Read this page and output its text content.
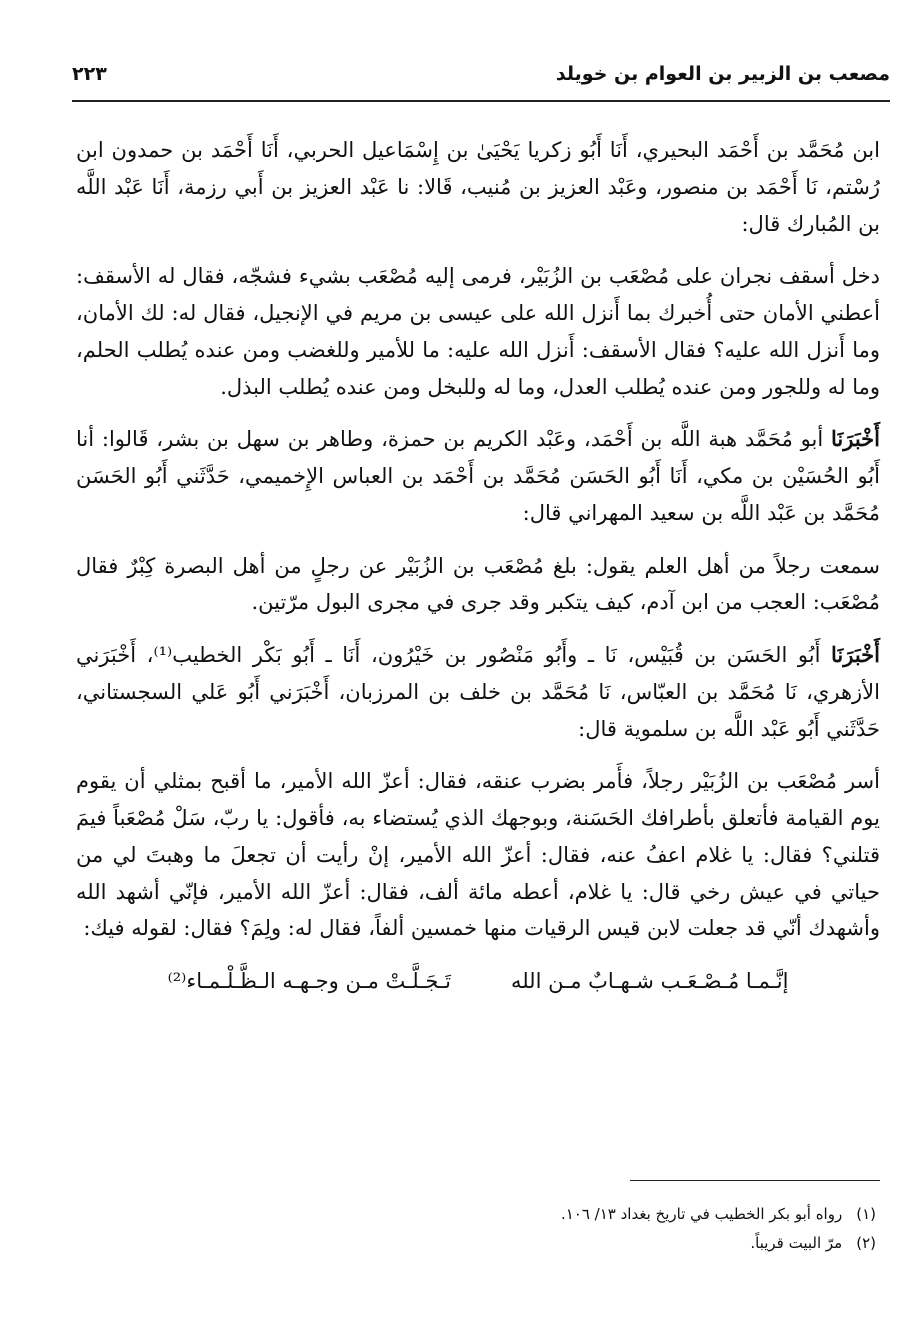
مصعب بن الزبير بن العوام بن خويلد
٢٢٣

ابن مُحَمَّد بن أَحْمَد البحيري، أَنَا أَبُو زكريا يَحْيَىٰ بن إِسْمَاعيل الحربي، أَنَا أَحْمَد بن حمدون ابن رُسْتم، نَا أَحْمَد بن منصور، وعَبْد العزيز بن مُنيب، قَالا: نا عَبْد العزيز بن أَبي رزمة، أَنَا عَبْد اللَّه بن المُبارك قال:

دخل أسقف نجران على مُصْعَب بن الزُبَيْر، فرمى إليه مُصْعَب بشيء فشجّه، فقال له الأسقف: أعطني الأمان حتى أُخبرك بما أَنزل الله على عيسى بن مريم في الإنجيل، فقال له: لك الأمان، وما أَنزل الله عليه؟ فقال الأسقف: أَنزل الله عليه: ما للأمير وللغضب ومن عنده يُطلب الحلم، وما له وللجور ومن عنده يُطلب العدل، وما له وللبخل ومن عنده يُطلب البذل.

أَخْبَرَنَا أبو مُحَمَّد هبة اللَّه بن أَحْمَد، وعَبْد الكريم بن حمزة، وطاهر بن سهل بن بشر، قَالوا: أنا أَبُو الحُسَيْن بن مكي، أَنَا أَبُو الحَسَن مُحَمَّد بن أَحْمَد بن العباس الإِخميمي، حَدَّثَني أَبُو الحَسَن مُحَمَّد بن عَبْد اللَّه بن سعيد المهراني قال:

سمعت رجلاً من أهل العلم يقول: بلغ مُصْعَب بن الزُبَيْر عن رجلٍ من أهل البصرة كِبْرٌ فقال مُصْعَب: العجب من ابن آدم، كيف يتكبر وقد جرى في مجرى البول مرّتين.

أَخْبَرَنَا أَبُو الحَسَن بن قُبَيْس، نَا ـ وأَبُو مَنْصُور بن خَيْرُون، أَنَا ـ أَبُو بَكْر الخطيب⁽¹⁾، أَخْبَرَني الأزهري، نَا مُحَمَّد بن العبّاس، نَا مُحَمَّد بن خلف بن المرزبان، أَخْبَرَني أَبُو عَلي السجستاني، حَدَّثَني أَبُو عَبْد اللَّه بن سلموية قال:

أسر مُصْعَب بن الزُبَيْر رجلاً، فأَمر بضرب عنقه، فقال: أعزّ الله الأمير، ما أقبح بمثلي أن يقوم يوم القيامة فأتعلق بأطرافك الحَسَنة، وبوجهك الذي يُستضاء به، فأقول: يا ربّ، سَلْ مُصْعَباً فيمَ قتلني؟ فقال: يا غلام اعفُ عنه، فقال: أعزّ الله الأمير، إنْ رأيت أن تجعلَ ما وهبتَ لي من حياتي في عيش رخي قال: يا غلام، أعطه مائة ألف، فقال: أعزّ الله الأمير، فإنّي أشهد الله وأشهدك أنّي قد جعلت لابن قيس الرقيات منها خمسين ألفاً، فقال له: ولِمَ؟ فقال: لقوله فيك:

إنَّـمـا مُـصْـعَـب شـهـابٌ مـن الله
تَـجَـلَّـتْ مـن وجـهـه الـظَّـلْـمـاء⁽²⁾
(١)
رواه أبو بكر الخطيب في تاريخ بغداد ١٣/ ١٠٦.
(٢)
مرّ البيت قريباً.
